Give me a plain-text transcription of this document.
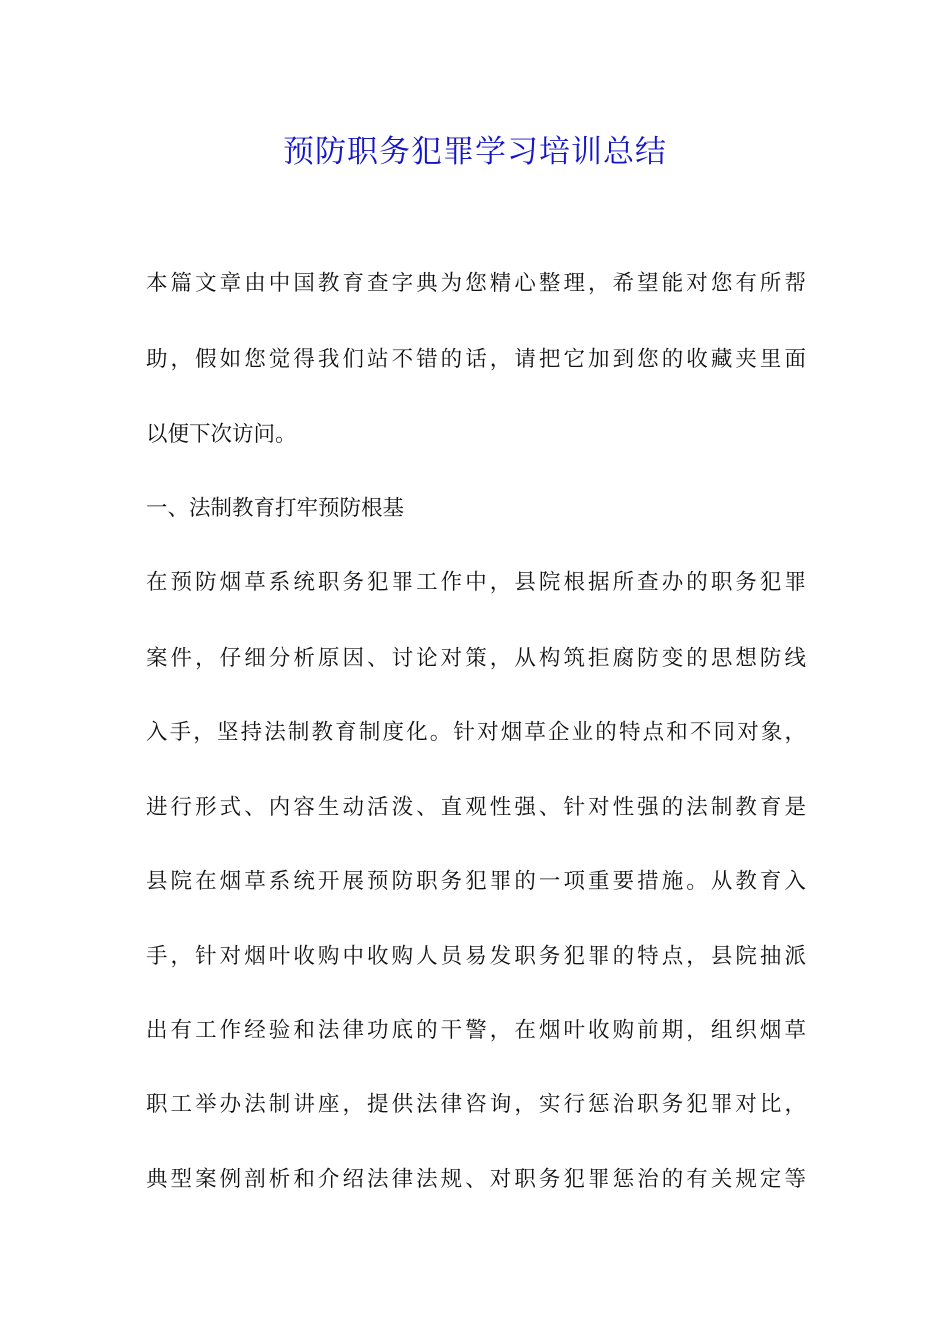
预防职务犯罪学习培训总结

本篇文章由中国教育查字典为您精心整理，希望能对您有所帮

助，假如您觉得我们站不错的话，请把它加到您的收藏夹里面

以便下次访问。

一、法制教育打牢预防根基

在预防烟草系统职务犯罪工作中，县院根据所查办的职务犯罪

案件，仔细分析原因、讨论对策，从构筑拒腐防变的思想防线

入手，坚持法制教育制度化。针对烟草企业的特点和不同对象，

进行形式、内容生动活泼、直观性强、针对性强的法制教育是

县院在烟草系统开展预防职务犯罪的一项重要措施。从教育入

手，针对烟叶收购中收购人员易发职务犯罪的特点，县院抽派

出有工作经验和法律功底的干警，在烟叶收购前期，组织烟草

职工举办法制讲座，提供法律咨询，实行惩治职务犯罪对比，

典型案例剖析和介绍法律法规、对职务犯罪惩治的有关规定等
